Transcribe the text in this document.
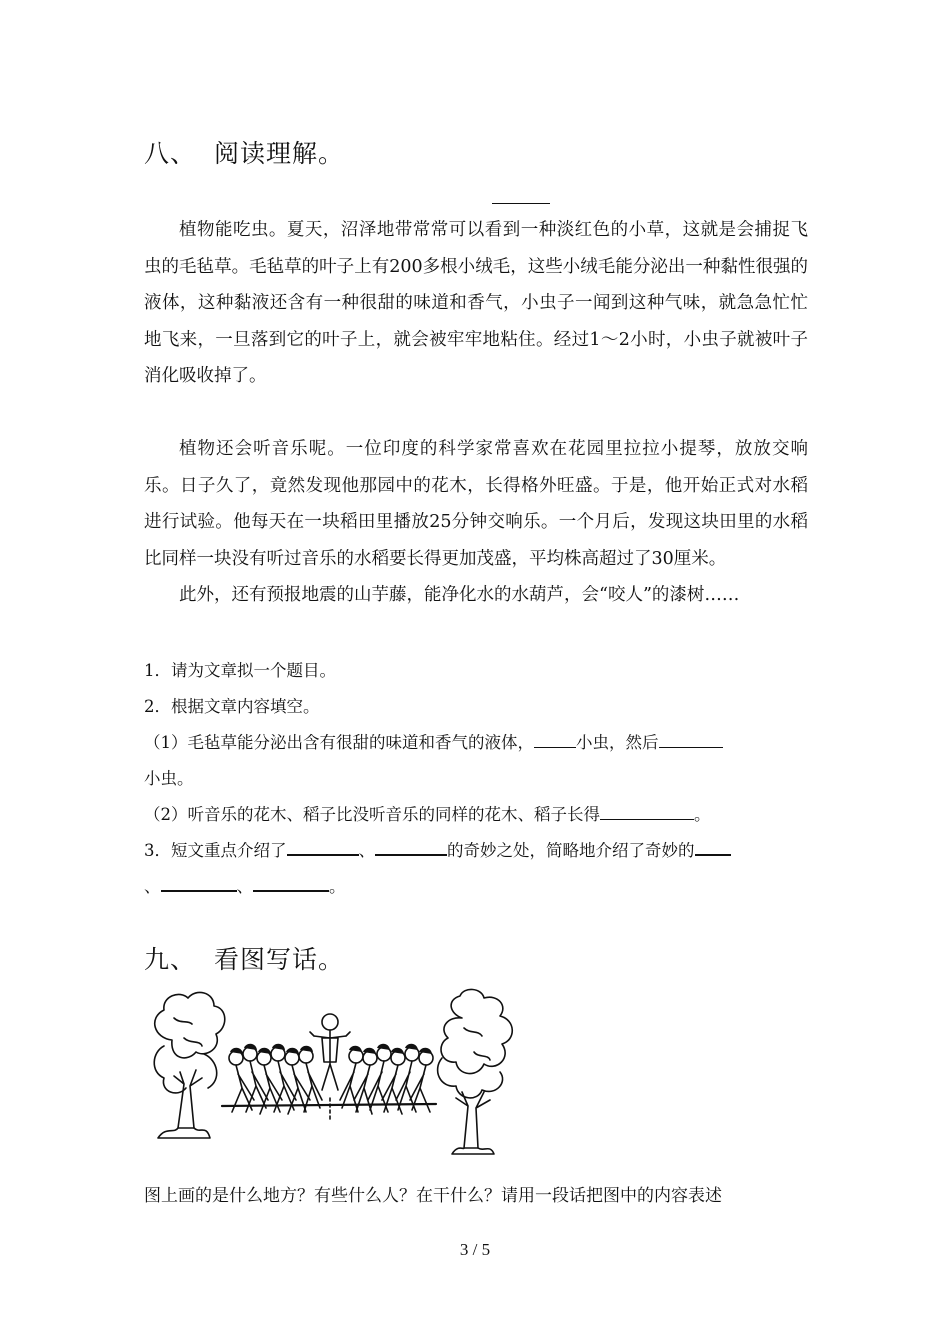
八、 阅读理解。

植物能吃虫。夏天，沼泽地带常常可以看到一种淡红色的小草，这就是会捕捉飞虫的毛毡草。毛毡草的叶子上有200多根小绒毛，这些小绒毛能分泌出一种黏性很强的液体，这种黏液还含有一种很甜的味道和香气，小虫子一闻到这种气味，就急急忙忙地飞来，一旦落到它的叶子上，就会被牢牢地粘住。经过1～2小时，小虫子就被叶子消化吸收掉了。

植物还会听音乐呢。一位印度的科学家常喜欢在花园里拉拉小提琴，放放交响乐。日子久了，竟然发现他那园中的花木，长得格外旺盛。于是，他开始正式对水稻进行试验。他每天在一块稻田里播放25分钟交响乐。一个月后，发现这块田里的水稻比同样一块没有听过音乐的水稻要长得更加茂盛，平均株高超过了30厘米。

此外，还有预报地震的山芋藤，能净化水的水葫芦，会“咬人”的漆树……

1．请为文章拟一个题目。

2．根据文章内容填空。

（1）毛毡草能分泌出含有很甜的味道和香气的液体，	小虫，然后
小虫。

（2）听音乐的花木、稻子比没听音乐的同样的花木、稻子长得	。

3．短文重点介绍了	、	的奇妙之处，简略地介绍了奇妙的
、	、	。

九、 看图写话。

图上画的是什么地方？有些什么人？在干什么？请用一段话把图中的内容表述

3 / 5
